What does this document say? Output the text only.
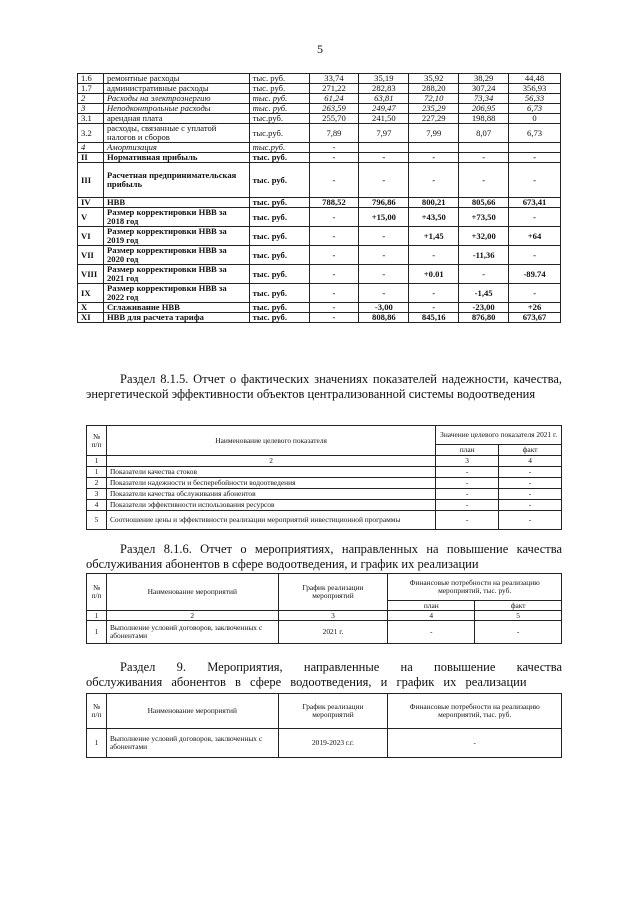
5
1.6	ремонтные расходы	тыс. руб.	33,74	35,19	35,92	38,29	44,48
1.7	административные расходы	тыс. руб.	271,22	282,83	288,20	307,24	356,93
2	Расходы на электроэнергию	тыс. руб.	61,24	63,81	72,10	73,34	56,33
3	Неподконтрольные расходы	тыс. руб.	263,59	249,47	235,29	206,95	6,73
3.1	арендная плата	тыс.руб.	255,70	241,50	227,29	198,88	0
3.2	расходы, связанные с уплатой налогов и сборов	тыс.руб.	7,89	7,97	7,99	8,07	6,73
4	Амортизация	тыс.руб.	-				
II	Нормативная прибыль	тыс. руб.	-	-	-	-	-
III	Расчетная предпринимательская прибыль	тыс. руб.	-	-	-	-	-
IV	НВВ	тыс. руб.	788,52	796,86	800,21	805,66	673,41
V	Размер корректировки НВВ за 2018 год	тыс. руб.	-	+15,00	+43,50	+73,50	-
VI	Размер корректировки НВВ за 2019 год	тыс. руб.	-	-	+1,45	+32,00	+64
VII	Размер корректировки НВВ за 2020 год	тыс. руб.	-	-	-	-11,36	-
VIII	Размер корректировки НВВ за 2021 год	тыс. руб.	-	-	+0.01	-	-89.74
IX	Размер корректировки НВВ за 2022 год	тыс. руб.	-	-	-	-1,45	-
X	Сглаживание НВВ	тыс. руб.	-	-3,00	-	-23,00	+26
XI	НВВ для расчета тарифа	тыс. руб.	-	808,86	845,16	876,80	673,67
Раздел 8.1.5. Отчет о фактических значениях показателей надежности, качества, энергетической эффективности объектов централизованной системы водоотведения
№ п/п	Наименование целевого показателя	Значение целевого показателя 2021 г.	
		план	факт
1	2	3	4
1	Показатели качества стоков	-	-
2	Показатели надежности и бесперебойности водоотведения	-	-
3	Показатели качества обслуживания абонентов	-	-
4	Показатели эффективности использования ресурсов	-	-
5	Соотношение цены и эффективности реализации мероприятий инвестиционной программы	-	-
Раздел 8.1.6. Отчет о мероприятиях, направленных на повышение качества обслуживания абонентов в сфере водоотведения, и график их реализации
№ п/п	Наименование мероприятий	График реализации мероприятий	Финансовые потребности на реализацию мероприятий, тыс. руб.	
			план	факт
1	2	3	4	5
1	Выполнение условий договоров, заключенных с абонентами	2021 г.	-	-
Раздел 9. Мероприятия, направленные на повышение качества обслуживания абонентов в сфере водоотведения, и график их реализации
№ п/п	Наименование мероприятий	График реализации мероприятий	Финансовые потребности на реализацию мероприятий, тыс. руб.
1	Выполнение условий договоров, заключенных с абонентами	2019-2023 г.г.	-
